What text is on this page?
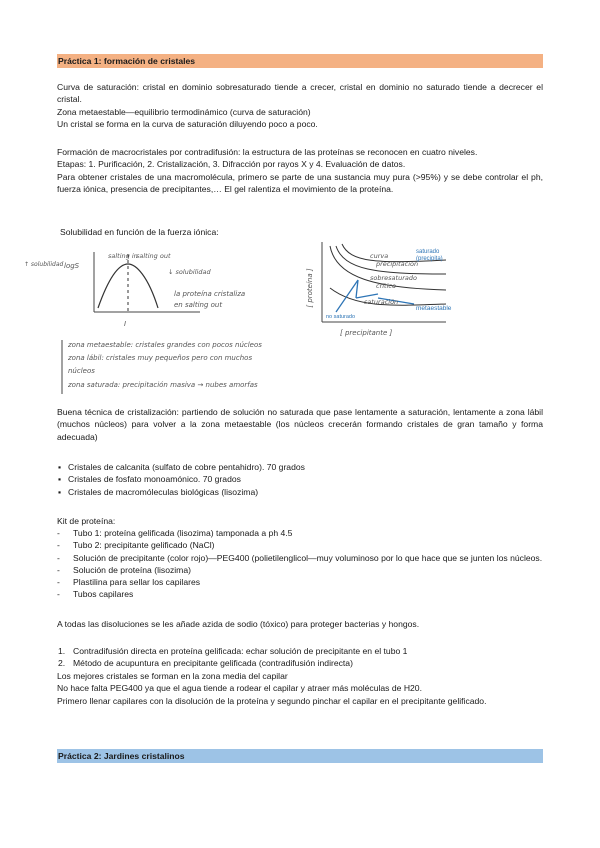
Práctica 1: formación de cristales
Curva de saturación: cristal en dominio sobresaturado tiende a crecer, cristal en dominio no saturado tiende a decrecer el cristal.
Zona metaestable—equilibrio termodinámico (curva de saturación)
Un cristal se forma en la curva de saturación diluyendo poco a poco.
Formación de macrocristales por contradifusión: la estructura de las proteínas se reconocen en cuatro niveles.
Etapas: 1. Purificación, 2. Cristalización, 3. Difracción por rayos X y 4. Evaluación de datos.
Para obtener cristales de una macromolécula, primero se parte de una sustancia muy pura (>95%) y se debe controlar el ph, fuerza iónica, presencia de precipitantes,… El gel ralentiza el movimiento de la proteína.
Solubilidad en función de la fuerza iónica:
logS
↑ solubilidad
salting in
salting out
↓ solubilidad
la proteína cristaliza
en salting out
I
[ proteína ]
[ precipitante ]
curva
precipitación
saturado
(precipita)
sobresaturado
crítico
saturación
metaestable
no saturado
zona metaestable: cristales grandes con pocos núcleos
zona lábil: cristales muy pequeños pero con muchos
núcleos
zona saturada: precipitación masiva → nubes amorfas
Buena técnica de cristalización: partiendo de solución no saturada que pase lentamente a saturación, lentamente a zona lábil (muchos núcleos) para volver a la zona metaestable (los núcleos crecerán formando cristales de gran tamaño y forma adecuada)
▪ Cristales de calcanita (sulfato de cobre pentahidro). 70 grados
▪ Cristales de fosfato monoamónico. 70 grados
▪ Cristales de macromóleculas biológicas (lisozima)
Kit de proteína:
- Tubo 1: proteína gelificada (lisozima) tamponada a ph 4.5
- Tubo 2: precipitante gelificado (NaCl)
- Solución de precipitante (color rojo)—PEG400 (polietilenglicol—muy voluminoso por lo que hace que se junten los núcleos.
- Solución de proteína (lisozima)
- Plastilina para sellar los capilares
- Tubos capilares
A todas las disoluciones se les añade azida de sodio (tóxico) para proteger bacterias y hongos.
1. Contradifusión directa en proteína gelificada: echar solución de precipitante en el tubo 1
2. Método de acupuntura en precipitante gelificada (contradifusión indirecta)
Los mejores cristales se forman en la zona media del capilar
No hace falta PEG400 ya que el agua tiende a rodear el capilar y atraer más moléculas de H20.
Primero llenar capilares con la disolución de la proteína y segundo pinchar el capilar en el precipitante gelificado.
Práctica 2: Jardines cristalinos
